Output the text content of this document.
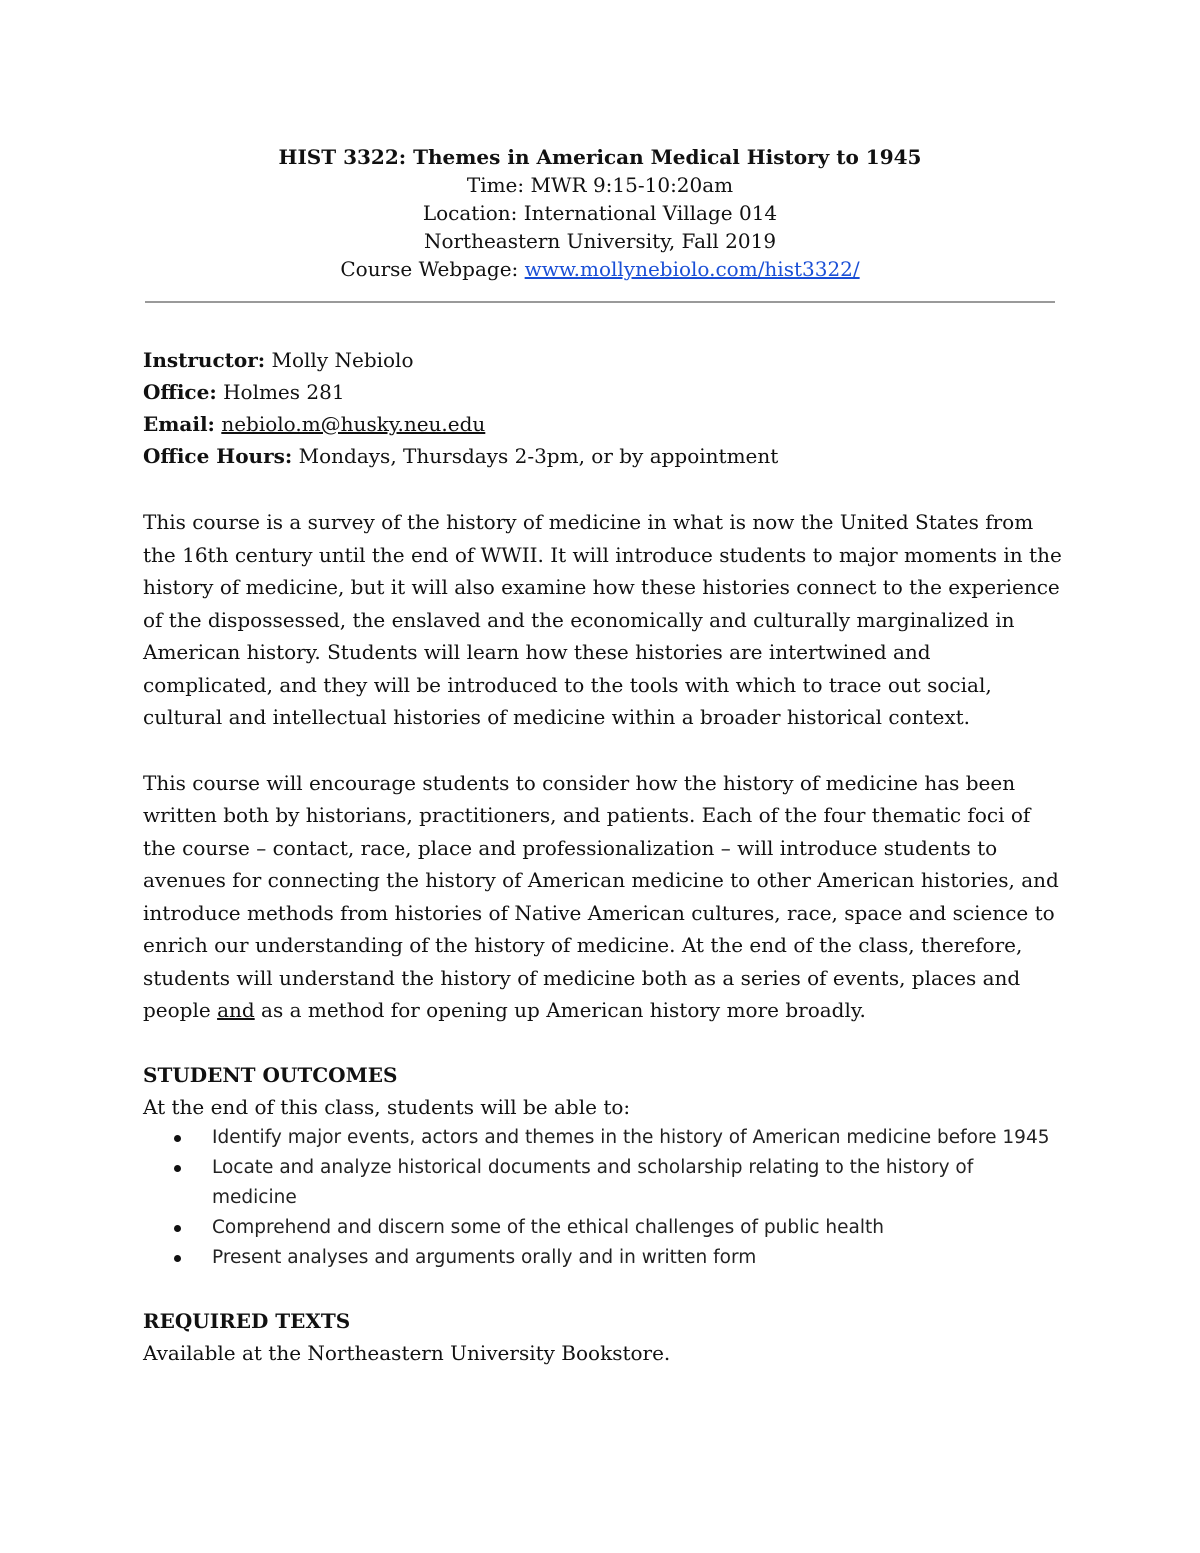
HIST 3322: Themes in American Medical History to 1945
Time: MWR 9:15-10:20am
Location: International Village 014
Northeastern University, Fall 2019
Course Webpage: www.mollynebiolo.com/hist3322/

Instructor: Molly Nebiolo

Office: Holmes 281

Email: nebiolo.m@husky.neu.edu

Office Hours: Mondays, Thursdays 2-3pm, or by appointment

This course is a survey of the history of medicine in what is now the United States from the 16th century until the end of WWII. It will introduce students to major moments in the history of medicine, but it will also examine how these histories connect to the experience of the dispossessed, the enslaved and the economically and culturally marginalized in American history. Students will learn how these histories are intertwined and complicated, and they will be introduced to the tools with which to trace out social, cultural and intellectual histories of medicine within a broader historical context.

This course will encourage students to consider how the history of medicine has been written both by historians, practitioners, and patients. Each of the four thematic foci of the course – contact, race, place and professionalization – will introduce students to avenues for connecting the history of American medicine to other American histories, and introduce methods from histories of Native American cultures, race, space and science to enrich our understanding of the history of medicine. At the end of the class, therefore, students will understand the history of medicine both as a series of events, places and people and as a method for opening up American history more broadly.

STUDENT OUTCOMES

At the end of this class, students will be able to:

Identify major events, actors and themes in the history of American medicine before 1945
Locate and analyze historical documents and scholarship relating to the history of medicine
Comprehend and discern some of the ethical challenges of public health
Present analyses and arguments orally and in written form

REQUIRED TEXTS

Available at the Northeastern University Bookstore.
